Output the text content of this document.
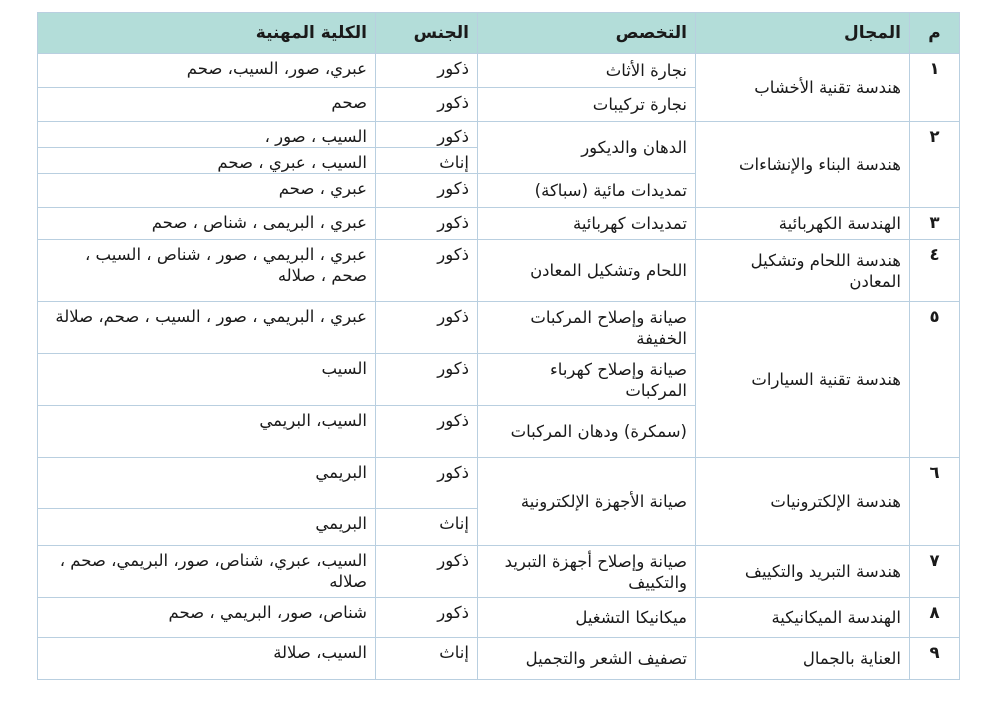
م	المجال	التخصص	الجنس	الكلية المهنية
١	هندسة تقنية الأخشاب	نجارة الأثاث	ذكور	عبري، صور، السيب، صحم
		نجارة تركيبات	ذكور	صحم
٢	هندسة البناء والإنشاءات	الدهان والديكور	ذكور	السيب ، صور ،
			إناث	السيب ، عبري ، صحم
		تمديدات مائية (سباكة)	ذكور	عبري ، صحم
٣	الهندسة الكهربائية	تمديدات كهربائية	ذكور	عبري ، البريمى ، شناص ، صحم
٤	هندسة اللحام وتشكيل المعادن	اللحام وتشكيل المعادن	ذكور	عبري ، البريمي ، صور ، شناص ، السيب ، صحم ، صلاله
٥	هندسة تقنية السيارات	صيانة وإصلاح المركبات الخفيفة	ذكور	عبري ، البريمي ، صور ، السيب ، صحم، صلالة
		صيانة وإصلاح كهرباء المركبات	ذكور	السيب
		(سمكرة) ودهان المركبات	ذكور	السيب، البريمي
٦	هندسة الإلكترونيات	صيانة الأجهزة الإلكترونية	ذكور	البريمي
			إناث	البريمي
٧	هندسة التبريد والتكييف	صيانة وإصلاح أجهزة التبريد والتكييف	ذكور	السيب، عبري، شناص، صور، البريمي، صحم ، صلاله
٨	الهندسة الميكانيكية	ميكانيكا التشغيل	ذكور	شناص، صور، البريمي ، صحم
٩	العناية بالجمال	تصفيف الشعر والتجميل	إناث	السيب، صلالة
